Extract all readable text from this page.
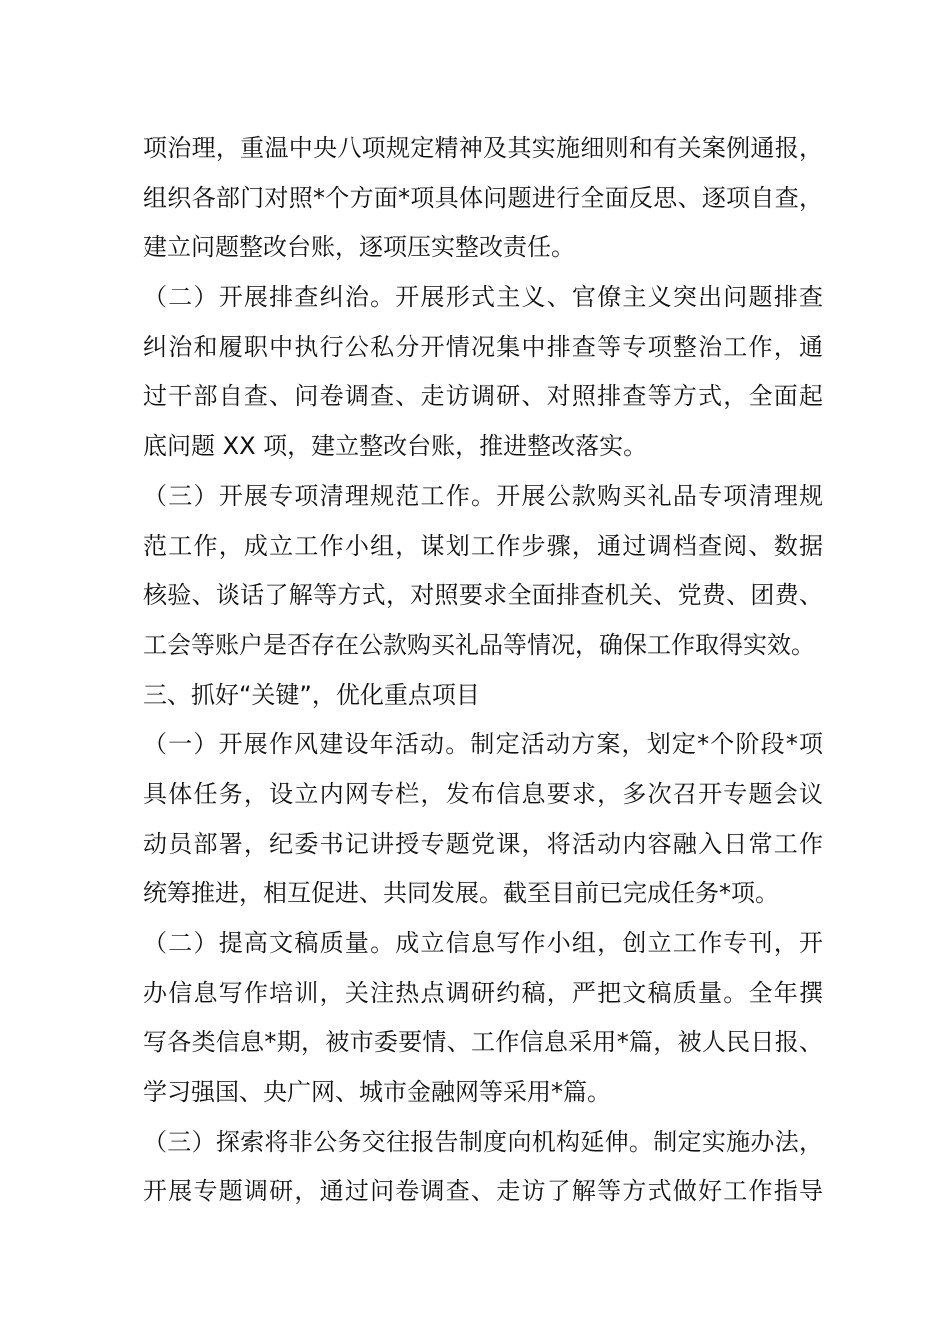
项治理，重温中央八项规定精神及其实施细则和有关案例通报，
组织各部门对照*个方面*项具体问题进行全面反思、逐项自查，
建立问题整改台账，逐项压实整改责任。
（二）开展排查纠治。开展形式主义、官僚主义突出问题排查
纠治和履职中执行公私分开情况集中排查等专项整治工作，通
过干部自查、问卷调查、走访调研、对照排查等方式，全面起
底问题 XX 项，建立整改台账，推进整改落实。
（三）开展专项清理规范工作。开展公款购买礼品专项清理规
范工作，成立工作小组，谋划工作步骤，通过调档查阅、数据
核验、谈话了解等方式，对照要求全面排查机关、党费、团费、
工会等账户是否存在公款购买礼品等情况，确保工作取得实效。
三、抓好“关键”，优化重点项目
（一）开展作风建设年活动。制定活动方案，划定*个阶段*项
具体任务，设立内网专栏，发布信息要求，多次召开专题会议
动员部署，纪委书记讲授专题党课，将活动内容融入日常工作
统筹推进，相互促进、共同发展。截至目前已完成任务*项。
（二）提高文稿质量。成立信息写作小组，创立工作专刊，开
办信息写作培训，关注热点调研约稿，严把文稿质量。全年撰
写各类信息*期，被市委要情、工作信息采用*篇，被人民日报、
学习强国、央广网、城市金融网等采用*篇。
（三）探索将非公务交往报告制度向机构延伸。制定实施办法，
开展专题调研，通过问卷调查、走访了解等方式做好工作指导
